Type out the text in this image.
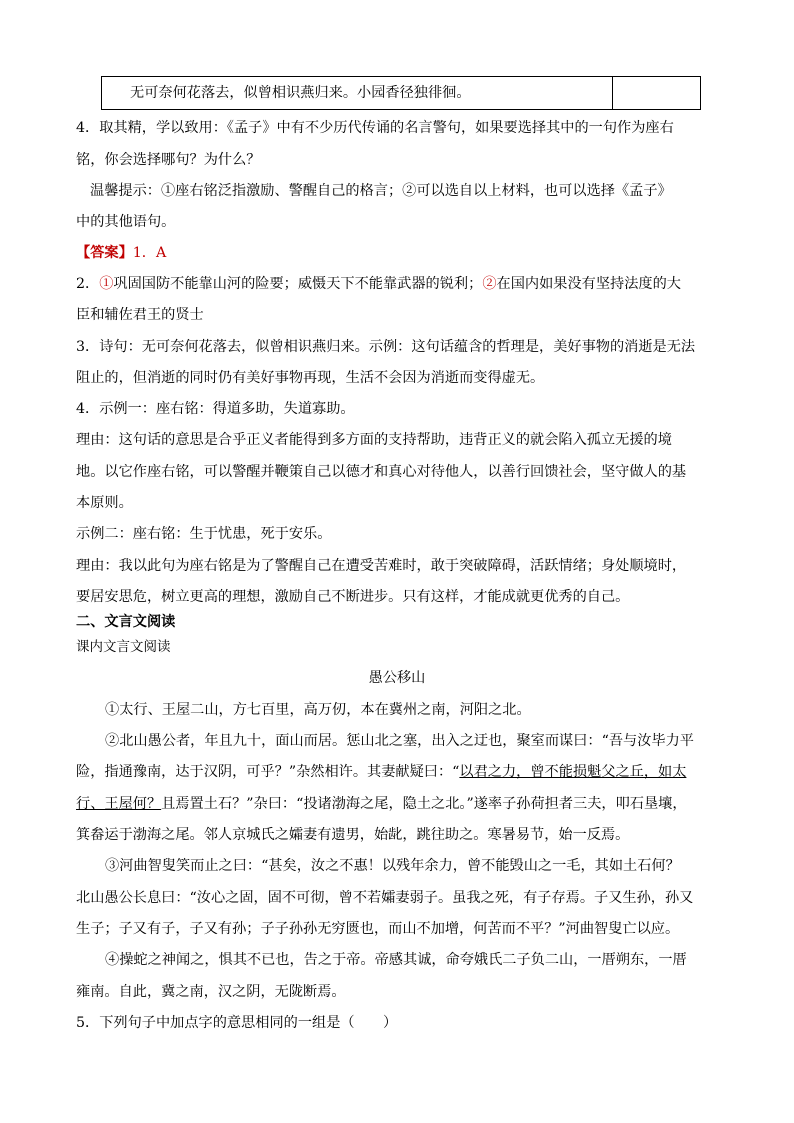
无可奈何花落去，似曾相识燕归来。小园香径独徘徊。
4．取其精，学以致用：《孟子》中有不少历代传诵的名言警句，如果要选择其中的一句作为座右
铭，你会选择哪句？为什么？
温馨提示：①座右铭泛指激励、警醒自己的格言；②可以选自以上材料，也可以选择《孟子》
中的其他语句。
【答案】1．A
2．①巩固国防不能靠山河的险要；威慑天下不能靠武器的锐利；②在国内如果没有坚持法度的大
臣和辅佐君王的贤士
3．诗句：无可奈何花落去，似曾相识燕归来。示例：这句话蕴含的哲理是，美好事物的消逝是无法
阻止的，但消逝的同时仍有美好事物再现，生活不会因为消逝而变得虚无。
4．示例一：座右铭：得道多助，失道寡助。
理由：这句话的意思是合乎正义者能得到多方面的支持帮助，违背正义的就会陷入孤立无援的境
地。以它作座右铭，可以警醒并鞭策自己以德才和真心对待他人，以善行回馈社会，坚守做人的基
本原则。
示例二：座右铭：生于忧患，死于安乐。
理由：我以此句为座右铭是为了警醒自己在遭受苦难时，敢于突破障碍，活跃情绪；身处顺境时，
要居安思危，树立更高的理想，激励自己不断进步。只有这样，才能成就更优秀的自己。
二、文言文阅读
课内文言文阅读
愚公移山
①太行、王屋二山，方七百里，高万仞，本在冀州之南，河阳之北。
②北山愚公者，年且九十，面山而居。惩山北之塞，出入之迂也，聚室而谋曰：“吾与汝毕力平
险，指通豫南，达于汉阴，可乎？”杂然相许。其妻献疑曰：“以君之力，曾不能损魁父之丘，如太
行、王屋何？且焉置土石？”杂曰：“投诸渤海之尾，隐土之北。”遂率子孙荷担者三夫，叩石垦壤，
箕畚运于渤海之尾。邻人京城氏之孀妻有遗男，始龀，跳往助之。寒暑易节，始一反焉。
③河曲智叟笑而止之曰：“甚矣，汝之不惠！以残年余力，曾不能毁山之一毛，其如土石何？
北山愚公长息曰：“汝心之固，固不可彻，曾不若孀妻弱子。虽我之死，有子存焉。子又生孙，孙又
生子；子又有子，子又有孙；子子孙孙无穷匮也，而山不加增，何苦而不平？”河曲智叟亡以应。
④操蛇之神闻之，惧其不已也，告之于帝。帝感其诚，命夸娥氏二子负二山，一厝朔东，一厝
雍南。自此，冀之南，汉之阴，无陇断焉。
5．下列句子中加点字的意思相同的一组是（　　）
